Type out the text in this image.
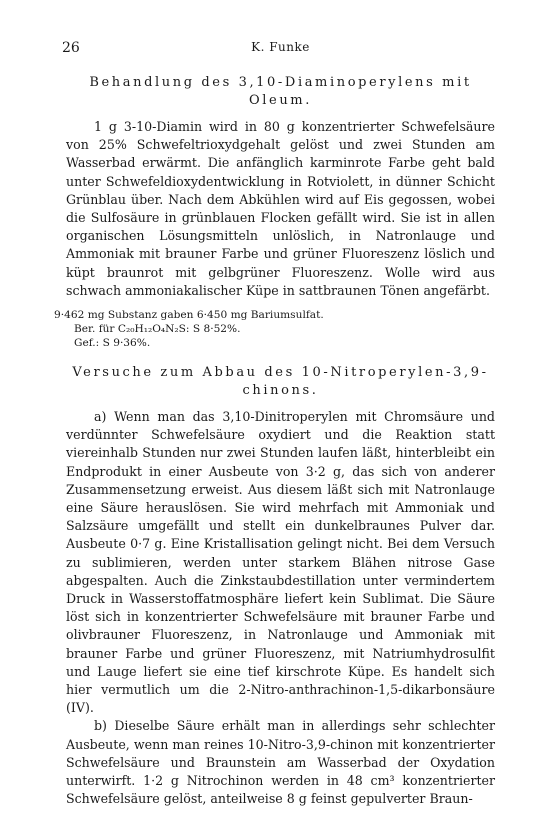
26	K. Funke
Behandlung des 3,10-Diaminoperylens mit Oleum.

1 g 3-10-Diamin wird in 80 g konzentrierter Schwefelsäure von 25% Schwefeltrioxydgehalt gelöst und zwei Stunden am Wasserbad erwärmt. Die anfänglich karminrote Farbe geht bald unter Schwefeldioxydentwicklung in Rotviolett, in dünner Schicht Grünblau über. Nach dem Abkühlen wird auf Eis gegossen, wobei die Sulfosäure in grünblauen Flocken gefällt wird. Sie ist in allen organischen Lösungsmitteln unlöslich, in Natronlauge und Ammoniak mit brauner Farbe und grüner Fluoreszenz löslich und küpt braunrot mit gelbgrüner Fluoreszenz. Wolle wird aus schwach ammoniakalischer Küpe in sattbraunen Tönen angefärbt.

9·462 mg Substanz gaben 6·450 mg Bariumsulfat.
Ber. für C₂₀H₁₂O₄N₂S: S 8·52%.
Gef.: S 9·36%.
Versuche zum Abbau des 10-Nitroperylen-3,9-chinons.

a) Wenn man das 3,10-Dinitroperylen mit Chromsäure und verdünnter Schwefelsäure oxydiert und die Reaktion statt viereinhalb Stunden nur zwei Stunden laufen läßt, hinterbleibt ein Endprodukt in einer Ausbeute von 3·2 g, das sich von anderer Zusammensetzung erweist. Aus diesem läßt sich mit Natronlauge eine Säure herauslösen. Sie wird mehrfach mit Ammoniak und Salzsäure umgefällt und stellt ein dunkelbraunes Pulver dar. Ausbeute 0·7 g. Eine Kristallisation gelingt nicht. Bei dem Versuch zu sublimieren, werden unter starkem Blähen nitrose Gase abgespalten. Auch die Zinkstaubdestillation unter vermindertem Druck in Wasserstoffatmosphäre liefert kein Sublimat. Die Säure löst sich in konzentrierter Schwefelsäure mit brauner Farbe und olivbrauner Fluoreszenz, in Natronlauge und Ammoniak mit brauner Farbe und grüner Fluoreszenz, mit Natriumhydrosulfit und Lauge liefert sie eine tief kirschrote Küpe. Es handelt sich hier vermutlich um die 2-Nitro-anthrachinon-1,5-dikarbonsäure (IV).

b) Dieselbe Säure erhält man in allerdings sehr schlechter Ausbeute, wenn man reines 10-Nitro-3,9-chinon mit konzentrierter Schwefelsäure und Braunstein am Wasserbad der Oxydation unterwirft. 1·2 g Nitrochinon werden in 48 cm³ konzentrierter Schwefelsäure gelöst, anteilweise 8 g feinst gepulverter Braun-
